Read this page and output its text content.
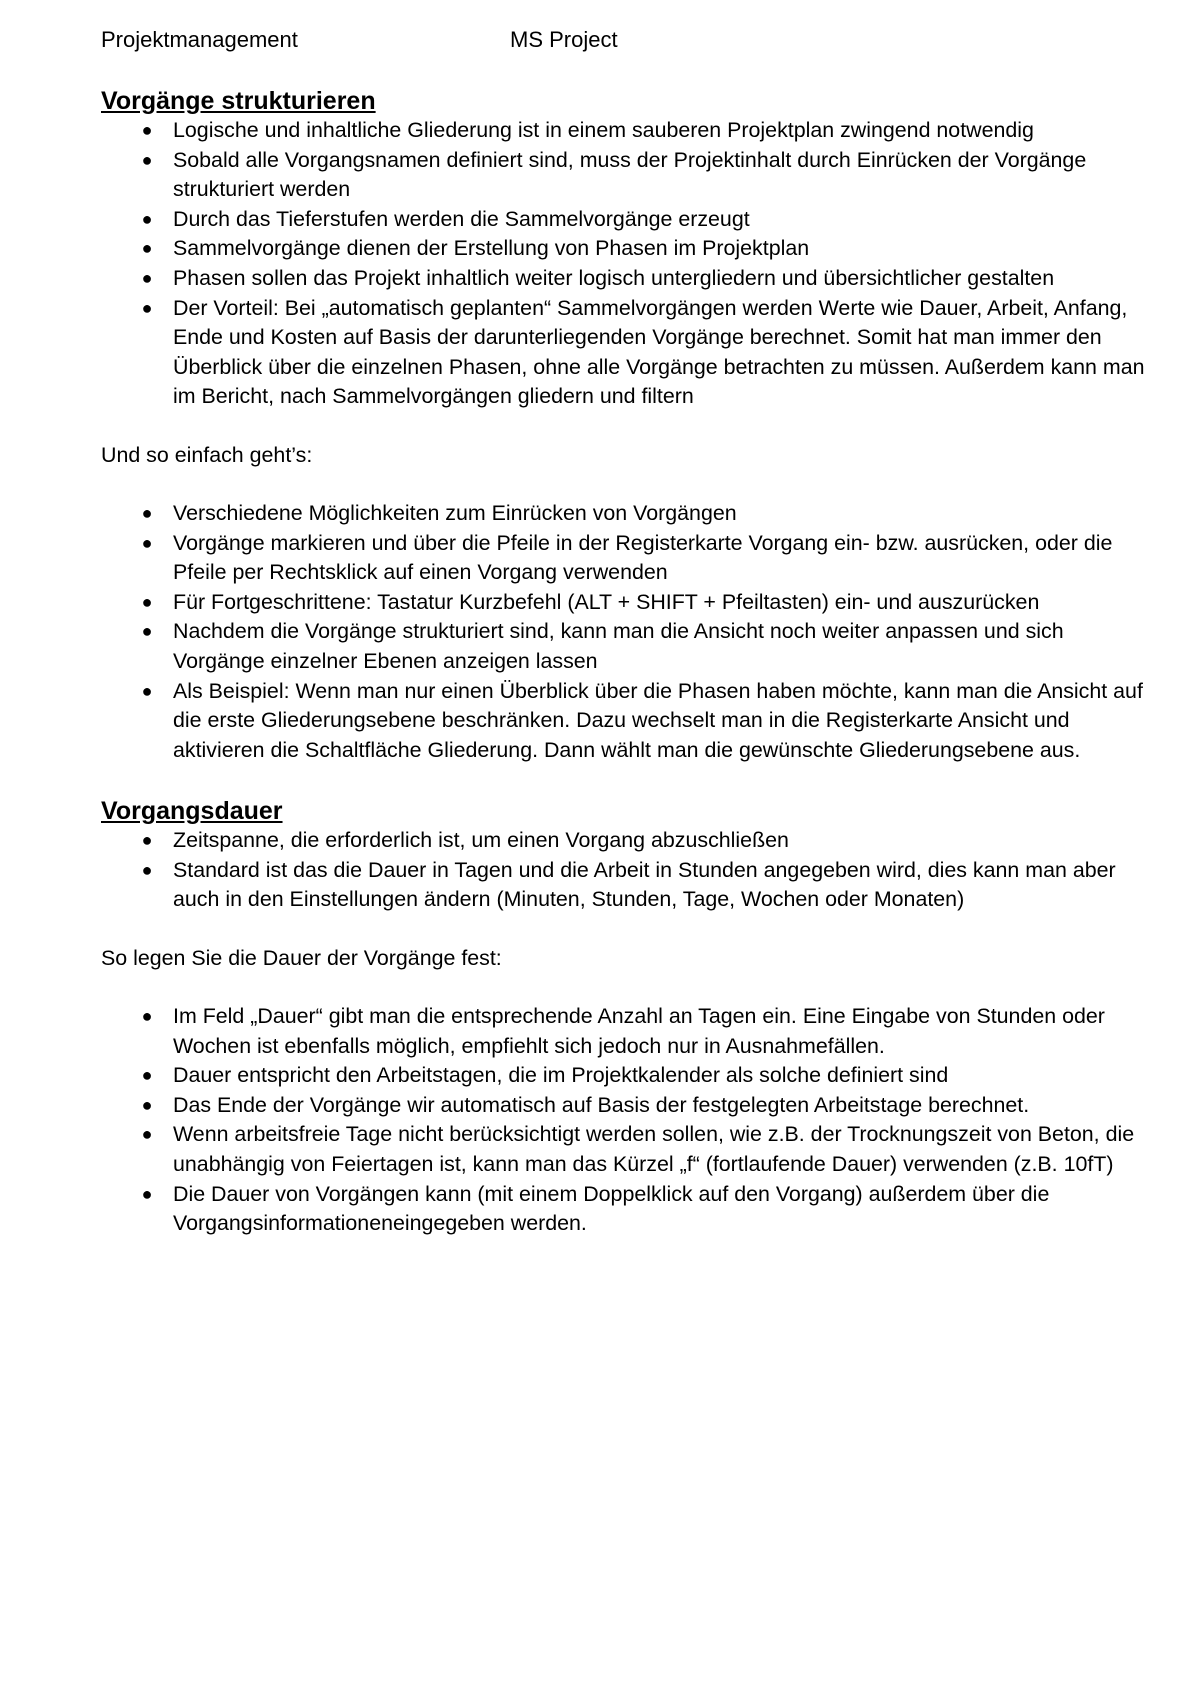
Projektmanagement	MS Project
Vorgänge strukturieren
● Logische und inhaltliche Gliederung ist in einem sauberen Projektplan zwingend notwendig
● Sobald alle Vorgangsnamen definiert sind, muss der Projektinhalt durch Einrücken der Vorgänge strukturiert werden
● Durch das Tieferstufen werden die Sammelvorgänge erzeugt
● Sammelvorgänge dienen der Erstellung von Phasen im Projektplan
● Phasen sollen das Projekt inhaltlich weiter logisch untergliedern und übersichtlicher gestalten
● Der Vorteil: Bei „automatisch geplanten“ Sammelvorgängen werden Werte wie Dauer, Arbeit, Anfang, Ende und Kosten auf Basis der darunterliegenden Vorgänge berechnet. Somit hat man immer den Überblick über die einzelnen Phasen, ohne alle Vorgänge betrachten zu müssen. Außerdem kann man im Bericht, nach Sammelvorgängen gliedern und filtern
Und so einfach geht’s:
● Verschiedene Möglichkeiten zum Einrücken von Vorgängen
● Vorgänge markieren und über die Pfeile in der Registerkarte Vorgang ein- bzw. ausrücken, oder die Pfeile per Rechtsklick auf einen Vorgang verwenden
● Für Fortgeschrittene: Tastatur Kurzbefehl (ALT + SHIFT + Pfeiltasten) ein- und auszurücken
● Nachdem die Vorgänge strukturiert sind, kann man die Ansicht noch weiter anpassen und sich Vorgänge einzelner Ebenen anzeigen lassen
● Als Beispiel: Wenn man nur einen Überblick über die Phasen haben möchte, kann man die Ansicht auf die erste Gliederungsebene beschränken. Dazu wechselt man in die Registerkarte Ansicht und aktivieren die Schaltfläche Gliederung. Dann wählt man die gewünschte Gliederungsebene aus.
Vorgangsdauer
● Zeitspanne, die erforderlich ist, um einen Vorgang abzuschließen
● Standard ist das die Dauer in Tagen und die Arbeit in Stunden angegeben wird, dies kann man aber auch in den Einstellungen ändern (Minuten, Stunden, Tage, Wochen oder Monaten)
So legen Sie die Dauer der Vorgänge fest:
● Im Feld „Dauer“ gibt man die entsprechende Anzahl an Tagen ein. Eine Eingabe von Stunden oder Wochen ist ebenfalls möglich, empfiehlt sich jedoch nur in Ausnahmefällen.
● Dauer entspricht den Arbeitstagen, die im Projektkalender als solche definiert sind
● Das Ende der Vorgänge wir automatisch auf Basis der festgelegten Arbeitstage berechnet.
● Wenn arbeitsfreie Tage nicht berücksichtigt werden sollen, wie z.B. der Trocknungszeit von Beton, die unabhängig von Feiertagen ist, kann man das Kürzel „f“ (fortlaufende Dauer) verwenden (z.B. 10fT)
● Die Dauer von Vorgängen kann (mit einem Doppelklick auf den Vorgang) außerdem über die Vorgangsinformationeneingegeben werden.
